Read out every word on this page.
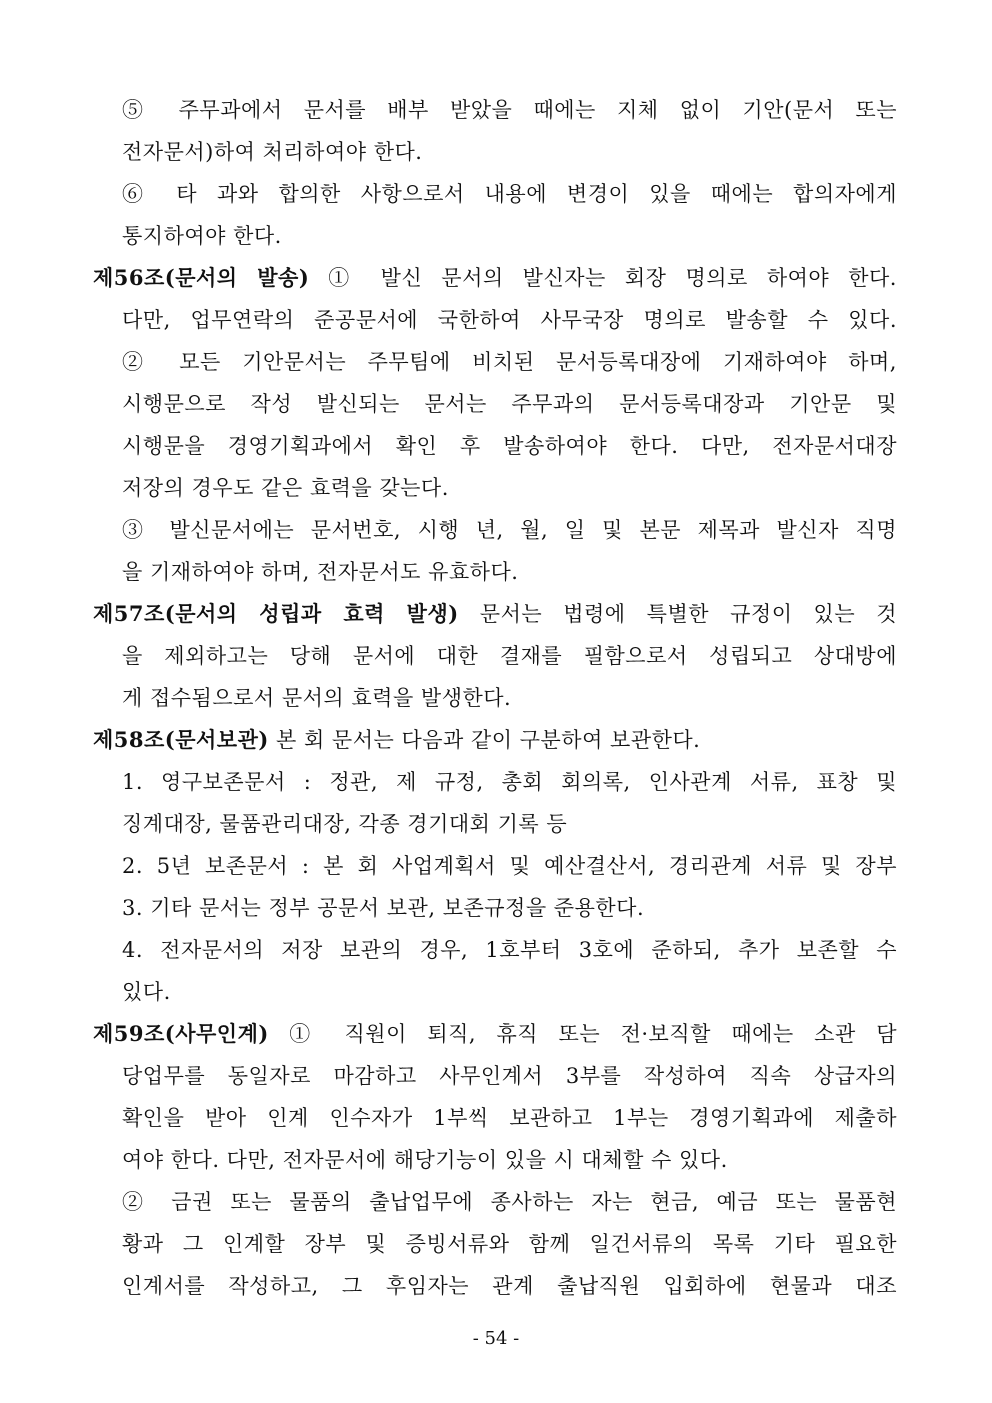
⑤ 주무과에서 문서를 배부 받았을 때에는 지체 없이 기안(문서 또는
전자문서)하여 처리하여야 한다.
⑥ 타 과와 합의한 사항으로서 내용에 변경이 있을 때에는 합의자에게
통지하여야 한다.
제56조(문서의 발송) ① 발신 문서의 발신자는 회장 명의로 하여야 한다.
다만, 업무연락의 준공문서에 국한하여 사무국장 명의로 발송할 수 있다.
② 모든 기안문서는 주무팀에 비치된 문서등록대장에 기재하여야 하며,
시행문으로 작성 발신되는 문서는 주무과의 문서등록대장과 기안문 및
시행문을 경영기획과에서 확인 후 발송하여야 한다. 다만, 전자문서대장
저장의 경우도 같은 효력을 갖는다.
③ 발신문서에는 문서번호, 시행 년, 월, 일 및 본문 제목과 발신자 직명
을 기재하여야 하며, 전자문서도 유효하다.
제57조(문서의 성립과 효력 발생) 문서는 법령에 특별한 규정이 있는 것
을 제외하고는 당해 문서에 대한 결재를 필함으로서 성립되고 상대방에
게 접수됨으로서 문서의 효력을 발생한다.
제58조(문서보관) 본 회 문서는 다음과 같이 구분하여 보관한다.
1. 영구보존문서 : 정관, 제 규정, 총회 회의록, 인사관계 서류, 표창 및
징계대장, 물품관리대장, 각종 경기대회 기록 등
2. 5년 보존문서 : 본 회 사업계획서 및 예산결산서, 경리관계 서류 및 장부
3. 기타 문서는 정부 공문서 보관, 보존규정을 준용한다.
4. 전자문서의 저장 보관의 경우, 1호부터 3호에 준하되, 추가 보존할 수
있다.
제59조(사무인계) ① 직원이 퇴직, 휴직 또는 전·보직할 때에는 소관 담
당업무를 동일자로 마감하고 사무인계서 3부를 작성하여 직속 상급자의
확인을 받아 인계 인수자가 1부씩 보관하고 1부는 경영기획과에 제출하
여야 한다. 다만, 전자문서에 해당기능이 있을 시 대체할 수 있다.
② 금권 또는 물품의 출납업무에 종사하는 자는 현금, 예금 또는 물품현
황과 그 인계할 장부 및 증빙서류와 함께 일건서류의 목록 기타 필요한
인계서를 작성하고, 그 후임자는 관계 출납직원 입회하에 현물과 대조
- 54 -
